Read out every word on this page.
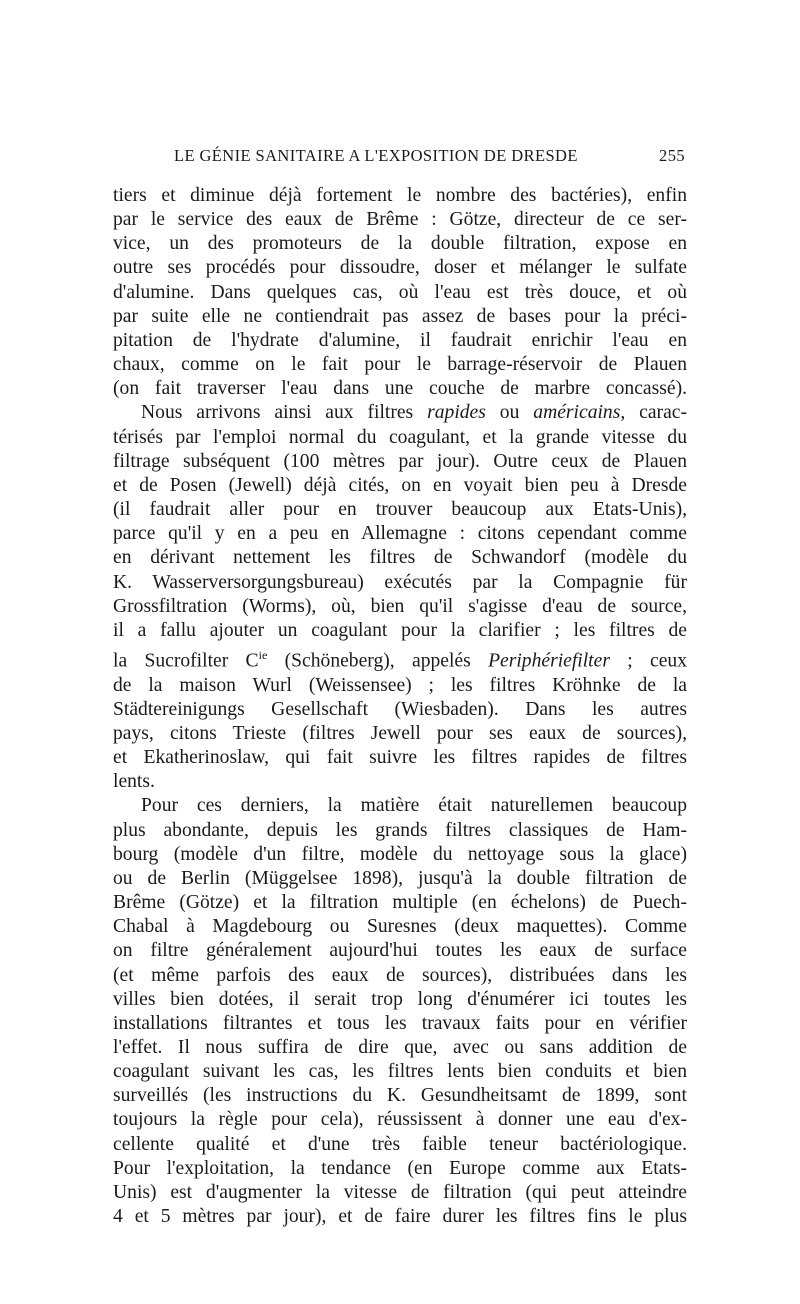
LE GÉNIE SANITAIRE A L'EXPOSITION DE DRESDE	255
tiers et diminue déjà fortement le nombre des bactéries), enfin
par le service des eaux de Brême : Götze, directeur de ce ser-
vice, un des promoteurs de la double filtration, expose en
outre ses procédés pour dissoudre, doser et mélanger le sulfate
d'alumine. Dans quelques cas, où l'eau est très douce, et où
par suite elle ne contiendrait pas assez de bases pour la préci-
pitation de l'hydrate d'alumine, il faudrait enrichir l'eau en
chaux, comme on le fait pour le barrage-réservoir de Plauen
(on fait traverser l'eau dans une couche de marbre concassé).
Nous arrivons ainsi aux filtres rapides ou américains, carac-
térisés par l'emploi normal du coagulant, et la grande vitesse du
filtrage subséquent (100 mètres par jour). Outre ceux de Plauen
et de Posen (Jewell) déjà cités, on en voyait bien peu à Dresde
(il faudrait aller pour en trouver beaucoup aux Etats-Unis),
parce qu'il y en a peu en Allemagne : citons cependant comme
en dérivant nettement les filtres de Schwandorf (modèle du
K. Wasserversorgungsbureau) exécutés par la Compagnie für
Grossfiltration (Worms), où, bien qu'il s'agisse d'eau de source,
il a fallu ajouter un coagulant pour la clarifier ; les filtres de
la Sucrofilter $C^{ie}$ (Schöneberg), appelés Periphériefilter ; ceux
de la maison Wurl (Weissensee) ; les filtres Kröhnke de la
Städtereinigungs Gesellschaft (Wiesbaden). Dans les autres
pays, citons Trieste (filtres Jewell pour ses eaux de sources),
et Ekatherinoslaw, qui fait suivre les filtres rapides de filtres
lents.
Pour ces derniers, la matière était naturellemen beaucoup
plus abondante, depuis les grands filtres classiques de Ham-
bourg (modèle d'un filtre, modèle du nettoyage sous la glace)
ou de Berlin (Müggelsee 1898), jusqu'à la double filtration de
Brême (Götze) et la filtration multiple (en échelons) de Puech-
Chabal à Magdebourg ou Suresnes (deux maquettes). Comme
on filtre généralement aujourd'hui toutes les eaux de surface
(et même parfois des eaux de sources), distribuées dans les
villes bien dotées, il serait trop long d'énumérer ici toutes les
installations filtrantes et tous les travaux faits pour en vérifier
l'effet. Il nous suffira de dire que, avec ou sans addition de
coagulant suivant les cas, les filtres lents bien conduits et bien
surveillés (les instructions du K. Gesundheitsamt de 1899, sont
toujours la règle pour cela), réussissent à donner une eau d'ex-
cellente qualité et d'une très faible teneur bactériologique.
Pour l'exploitation, la tendance (en Europe comme aux Etats-
Unis) est d'augmenter la vitesse de filtration (qui peut atteindre
4 et 5 mètres par jour), et de faire durer les filtres fins le plus
